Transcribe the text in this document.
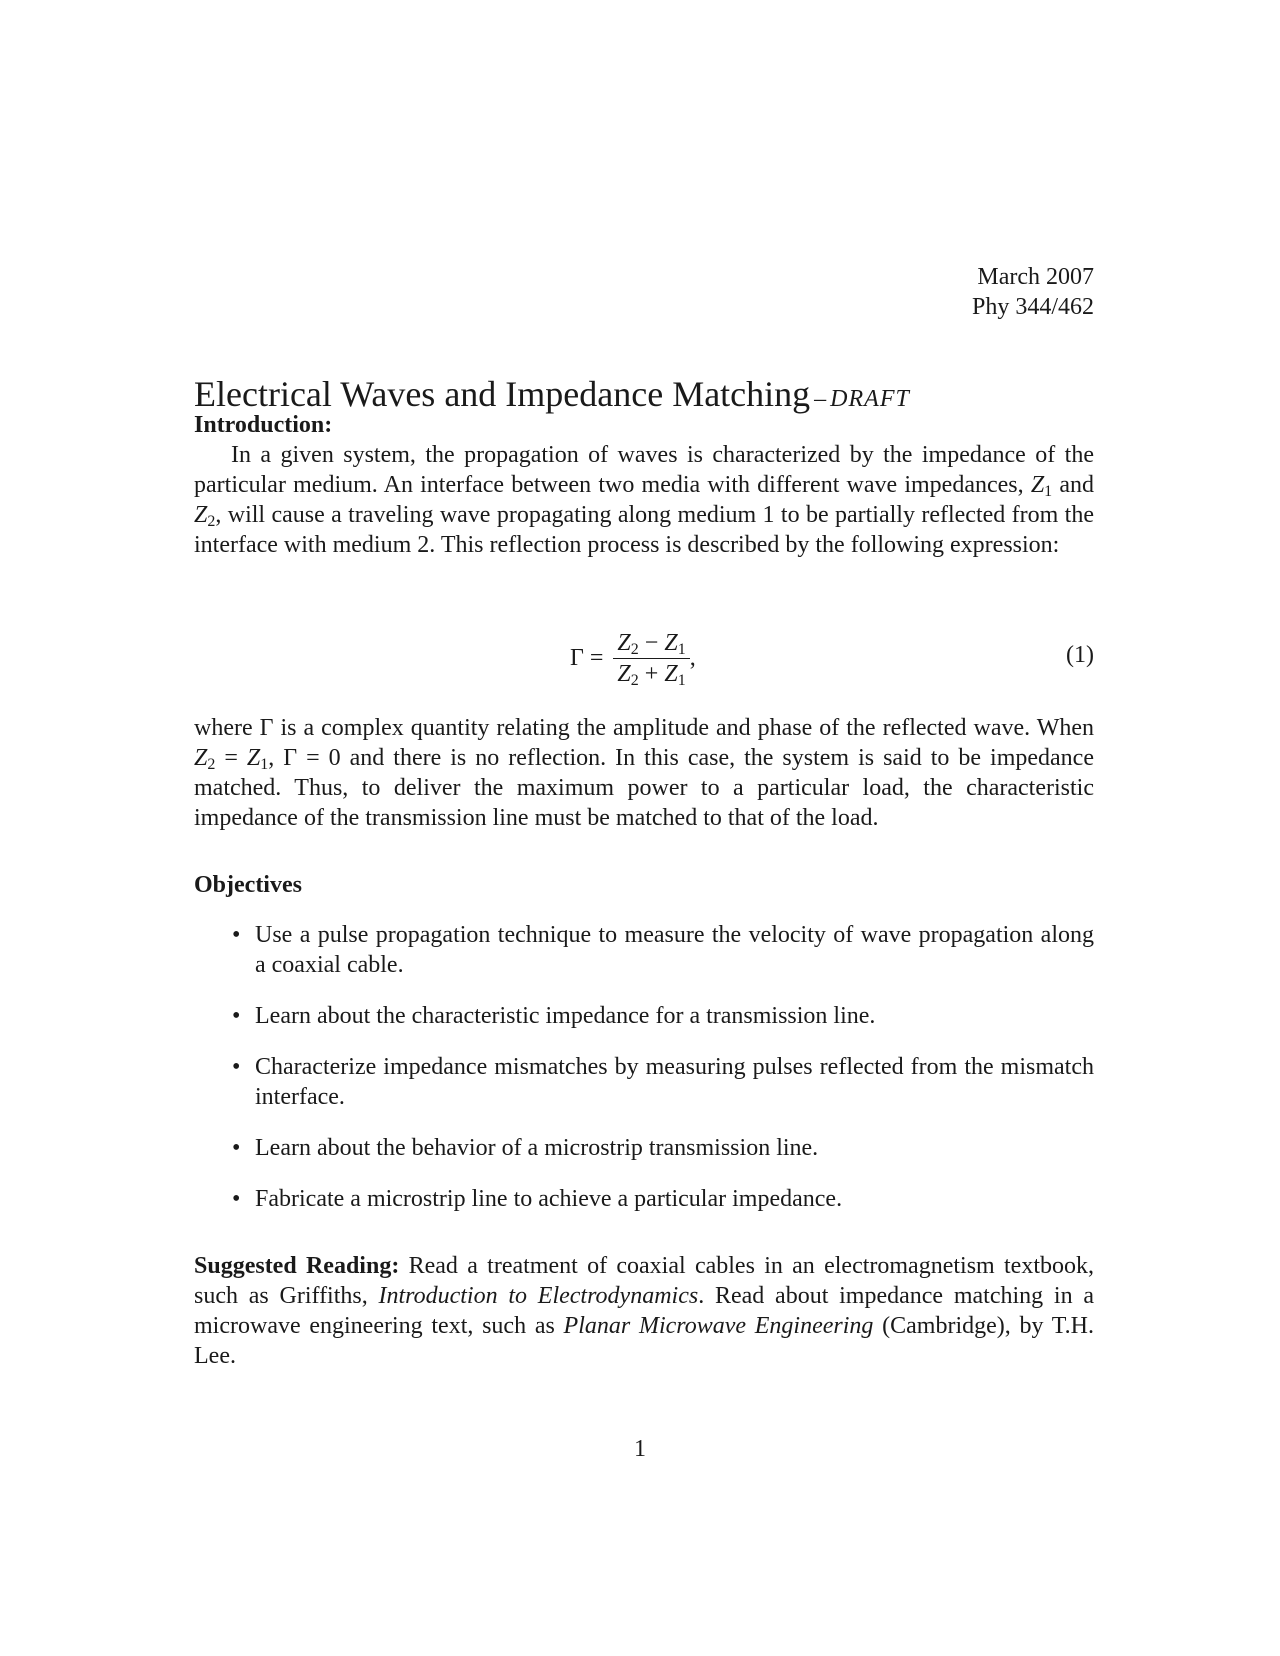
March 2007
Phy 344/462
Electrical Waves and Impedance Matching – DRAFT
Introduction:
In a given system, the propagation of waves is characterized by the impedance of the particular medium. An interface between two media with different wave impedances, $Z_1$ and $Z_2$, will cause a traveling wave propagating along medium 1 to be partially reflected from the interface with medium 2. This reflection process is described by the following expression:
$\Gamma = \frac{Z_2 - Z_1}{Z_2 + Z_1}$ ,	(1)
where Γ is a complex quantity relating the amplitude and phase of the reflected wave. When $Z_2 = Z_1$, Γ = 0 and there is no reflection. In this case, the system is said to be impedance matched. Thus, to deliver the maximum power to a particular load, the characteristic impedance of the transmission line must be matched to that of the load.
Objectives
• Use a pulse propagation technique to measure the velocity of wave propagation along a coaxial cable.
• Learn about the characteristic impedance for a transmission line.
• Characterize impedance mismatches by measuring pulses reflected from the mismatch interface.
• Learn about the behavior of a microstrip transmission line.
• Fabricate a microstrip line to achieve a particular impedance.
Suggested Reading: Read a treatment of coaxial cables in an electromagnetism textbook, such as Griffiths, Introduction to Electrodynamics. Read about impedance matching in a microwave engineering text, such as Planar Microwave Engineering (Cambridge), by T.H. Lee.
1
